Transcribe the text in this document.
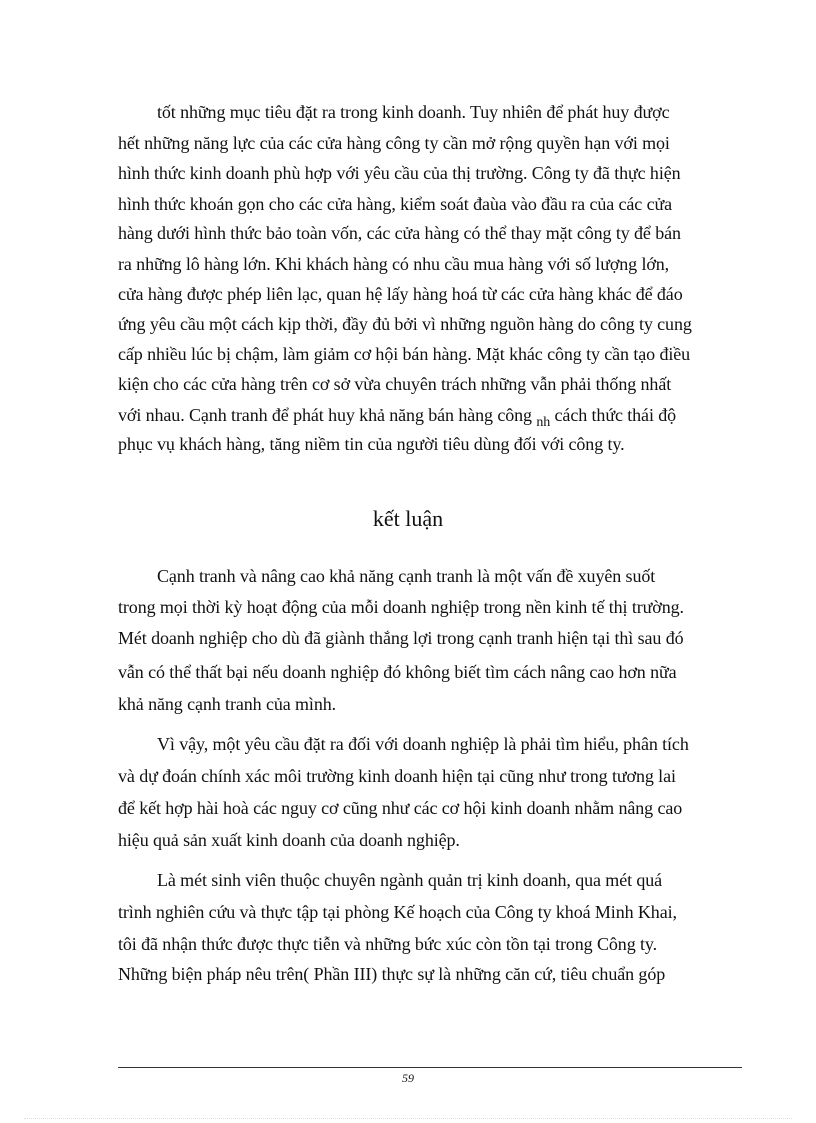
tốt những mục tiêu đặt ra trong kinh doanh. Tuy nhiên để phát huy được
hết những năng lực của các cửa hàng công ty cần mở rộng quyền hạn với mọi
hình thức kinh doanh phù hợp với yêu cầu của thị trường. Công ty đã thực hiện
hình thức khoán gọn cho các cửa hàng, kiểm soát đaùa vào đầu ra của các cửa
hàng dưới hình thức bảo toàn vốn, các cửa hàng có thể thay mặt công ty để bán
ra những lô hàng lớn. Khi khách hàng có nhu cầu mua hàng với số lượng lớn,
cửa hàng được phép liên lạc, quan hệ lấy hàng hoá từ các cửa hàng khác để đáo
ứng yêu cầu một cách kịp thời, đầy đủ bởi vì những nguồn hàng do công ty cung
cấp nhiều lúc bị chậm, làm giảm cơ hội bán hàng. Mặt khác công ty cần tạo điều
kiện cho các cửa hàng trên cơ sở vừa chuyên trách những vẫn phải thống nhất
với nhau. Cạnh tranh để phát huy khả năng bán hàng công $_{nh}$ cách thức thái độ
phục vụ khách hàng, tăng niềm tin của người tiêu dùng đối với công ty.
kết luận
Cạnh tranh và nâng cao khả năng cạnh tranh là một vấn đề xuyên suốt
trong mọi thời kỳ hoạt động của mỗi doanh nghiệp trong nền kinh tế thị trường.
Mét doanh nghiệp cho dù đã giành thắng lợi trong cạnh tranh hiện tại thì sau đó
vẫn có thể thất bại nếu doanh nghiệp đó không biết tìm cách nâng cao hơn nữa
khả năng cạnh tranh của mình.
Vì vậy, một yêu cầu đặt ra đối với doanh nghiệp là phải tìm hiểu, phân tích
và dự đoán chính xác môi trường kinh doanh hiện tại cũng như trong tương lai
để kết hợp hài hoà các nguy cơ cũng như các cơ hội kinh doanh nhằm nâng cao
hiệu quả sản xuất kinh doanh của doanh nghiệp.
Là mét sinh viên thuộc chuyên ngành quản trị kinh doanh, qua mét quá
trình nghiên cứu và thực tập tại phòng Kế hoạch của Công ty khoá Minh Khai,
tôi đã nhận thức được thực tiễn và những bức xúc còn tồn tại trong Công ty.
Những biện pháp nêu trên( Phần III) thực sự là những căn cứ, tiêu chuẩn góp
59
